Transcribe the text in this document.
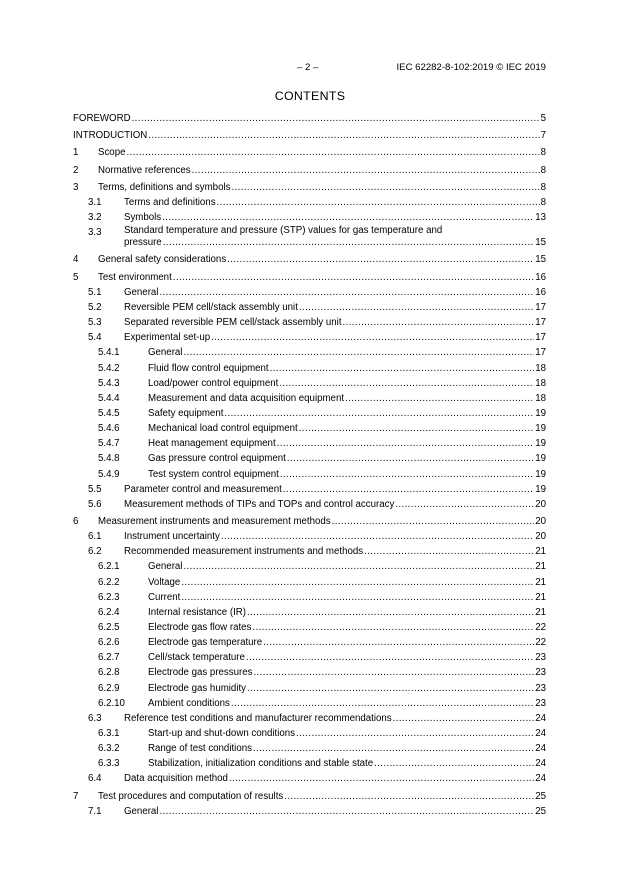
– 2 –	IEC 62282-8-102:2019 © IEC 2019
CONTENTS
FOREWORD .....	5
INTRODUCTION .....	7
1 Scope .....	8
2 Normative references .....	8
3 Terms, definitions and symbols .....	8
3.1 Terms and definitions .....	8
3.2 Symbols .....	13
3.3 Standard temperature and pressure (STP) values for gas temperature and
pressure .....	15
4 General safety considerations .....	15
5 Test environment .....	16
5.1 General .....	16
5.2 Reversible PEM cell/stack assembly unit .....	17
5.3 Separated reversible PEM cell/stack assembly unit .....	17
5.4 Experimental set-up .....	17
5.4.1	General .....	17
5.4.2	Fluid flow control equipment .....	18
5.4.3	Load/power control equipment .....	18
5.4.4	Measurement and data acquisition equipment .....	18
5.4.5	Safety equipment .....	19
5.4.6	Mechanical load control equipment .....	19
5.4.7	Heat management equipment .....	19
5.4.8	Gas pressure control equipment .....	19
5.4.9	Test system control equipment .....	19
5.5 Parameter control and measurement .....	19
5.6 Measurement methods of TIPs and TOPs and control accuracy .....	20
6 Measurement instruments and measurement methods .....	20
6.1 Instrument uncertainty .....	20
6.2 Recommended measurement instruments and methods .....	21
6.2.1	General .....	21
6.2.2	Voltage .....	21
6.2.3	Current .....	21
6.2.4	Internal resistance (IR) .....	21
6.2.5	Electrode gas flow rates .....	22
6.2.6	Electrode gas temperature .....	22
6.2.7	Cell/stack temperature .....	23
6.2.8	Electrode gas pressures .....	23
6.2.9	Electrode gas humidity .....	23
6.2.10 Ambient conditions .....	23
6.3 Reference test conditions and manufacturer recommendations .....	24
6.3.1	Start-up and shut-down conditions .....	24
6.3.2	Range of test conditions .....	24
6.3.3	Stabilization, initialization conditions and stable state .....	24
6.4 Data acquisition method .....	24
7 Test procedures and computation of results .....	25
7.1 General .....	25
